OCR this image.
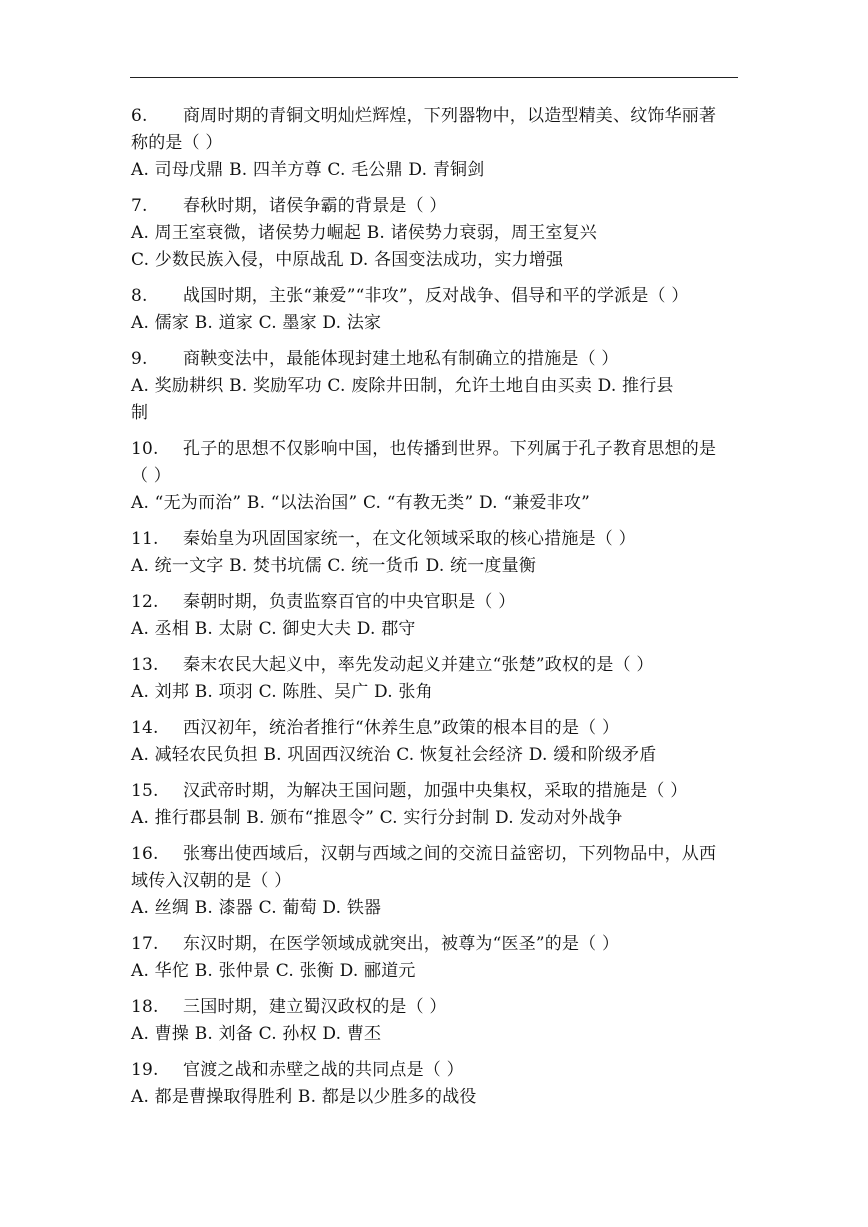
6. 商周时期的青铜文明灿烂辉煌，下列器物中，以造型精美、纹饰华丽著
称的是（ ）
A. 司母戊鼎 B. 四羊方尊 C. 毛公鼎 D. 青铜剑
7. 春秋时期，诸侯争霸的背景是（ ）
A. 周王室衰微，诸侯势力崛起 B. 诸侯势力衰弱，周王室复兴
C. 少数民族入侵，中原战乱 D. 各国变法成功，实力增强
8. 战国时期，主张“兼爱”“非攻”，反对战争、倡导和平的学派是（ ）
A. 儒家 B. 道家 C. 墨家 D. 法家
9. 商鞅变法中，最能体现封建土地私有制确立的措施是（ ）
A. 奖励耕织 B. 奖励军功 C. 废除井田制，允许土地自由买卖 D. 推行县
制
10. 孔子的思想不仅影响中国，也传播到世界。下列属于孔子教育思想的是
（ ）
A. “无为而治” B. “以法治国” C. “有教无类” D. “兼爱非攻”
11. 秦始皇为巩固国家统一，在文化领域采取的核心措施是（ ）
A. 统一文字 B. 焚书坑儒 C. 统一货币 D. 统一度量衡
12. 秦朝时期，负责监察百官的中央官职是（ ）
A. 丞相 B. 太尉 C. 御史大夫 D. 郡守
13. 秦末农民大起义中，率先发动起义并建立“张楚”政权的是（ ）
A. 刘邦 B. 项羽 C. 陈胜、吴广 D. 张角
14. 西汉初年，统治者推行“休养生息”政策的根本目的是（ ）
A. 减轻农民负担 B. 巩固西汉统治 C. 恢复社会经济 D. 缓和阶级矛盾
15. 汉武帝时期，为解决王国问题，加强中央集权，采取的措施是（ ）
A. 推行郡县制 B. 颁布“推恩令” C. 实行分封制 D. 发动对外战争
16. 张骞出使西域后，汉朝与西域之间的交流日益密切，下列物品中，从西
域传入汉朝的是（ ）
A. 丝绸 B. 漆器 C. 葡萄 D. 铁器
17. 东汉时期，在医学领域成就突出，被尊为“医圣”的是（ ）
A. 华佗 B. 张仲景 C. 张衡 D. 郦道元
18. 三国时期，建立蜀汉政权的是（ ）
A. 曹操 B. 刘备 C. 孙权 D. 曹丕
19. 官渡之战和赤壁之战的共同点是（ ）
A. 都是曹操取得胜利 B. 都是以少胜多的战役
